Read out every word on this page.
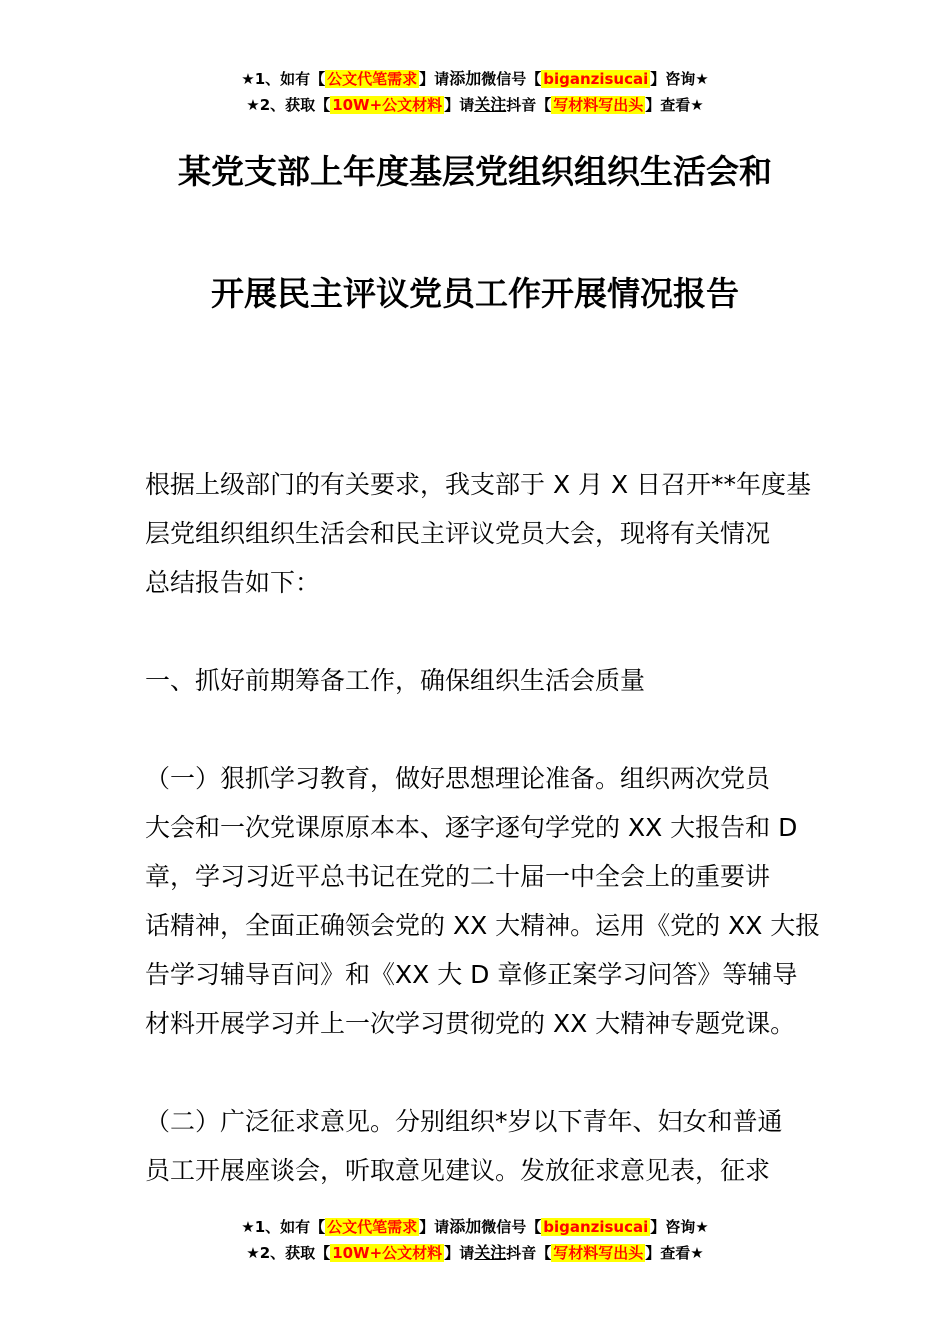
★1、如有【 公文代笔需求 】请添加微信号【 biganzisucai 】咨询★
★2、获取【 10W+公文材料 】请关注抖音【 写材料写出头 】查看★
某党支部上年度基层党组织组织生活会和
开展民主评议党员工作开展情况报告

根据上级部门的有关要求，我支部于 X 月 X 日召开**年度基
层党组织组织生活会和民主评议党员大会，现将有关情况
总结报告如下：

一、抓好前期筹备工作，确保组织生活会质量

（一）狠抓学习教育，做好思想理论准备。组织两次党员
大会和一次党课原原本本、逐字逐句学党的 XX 大报告和 D
章，学习习近平总书记在党的二十届一中全会上的重要讲
话精神，全面正确领会党的 XX 大精神。运用《党的 XX 大报
告学习辅导百问》和《XX 大 D 章修正案学习问答》等辅导
材料开展学习并上一次学习贯彻党的 XX 大精神专题党课。

（二）广泛征求意见。分别组织*岁以下青年、妇女和普通
员工开展座谈会，听取意见建议。发放征求意见表，征求

★1、如有【 公文代笔需求 】请添加微信号【 biganzisucai 】咨询★
★2、获取【 10W+公文材料 】请关注抖音【 写材料写出头 】查看★
